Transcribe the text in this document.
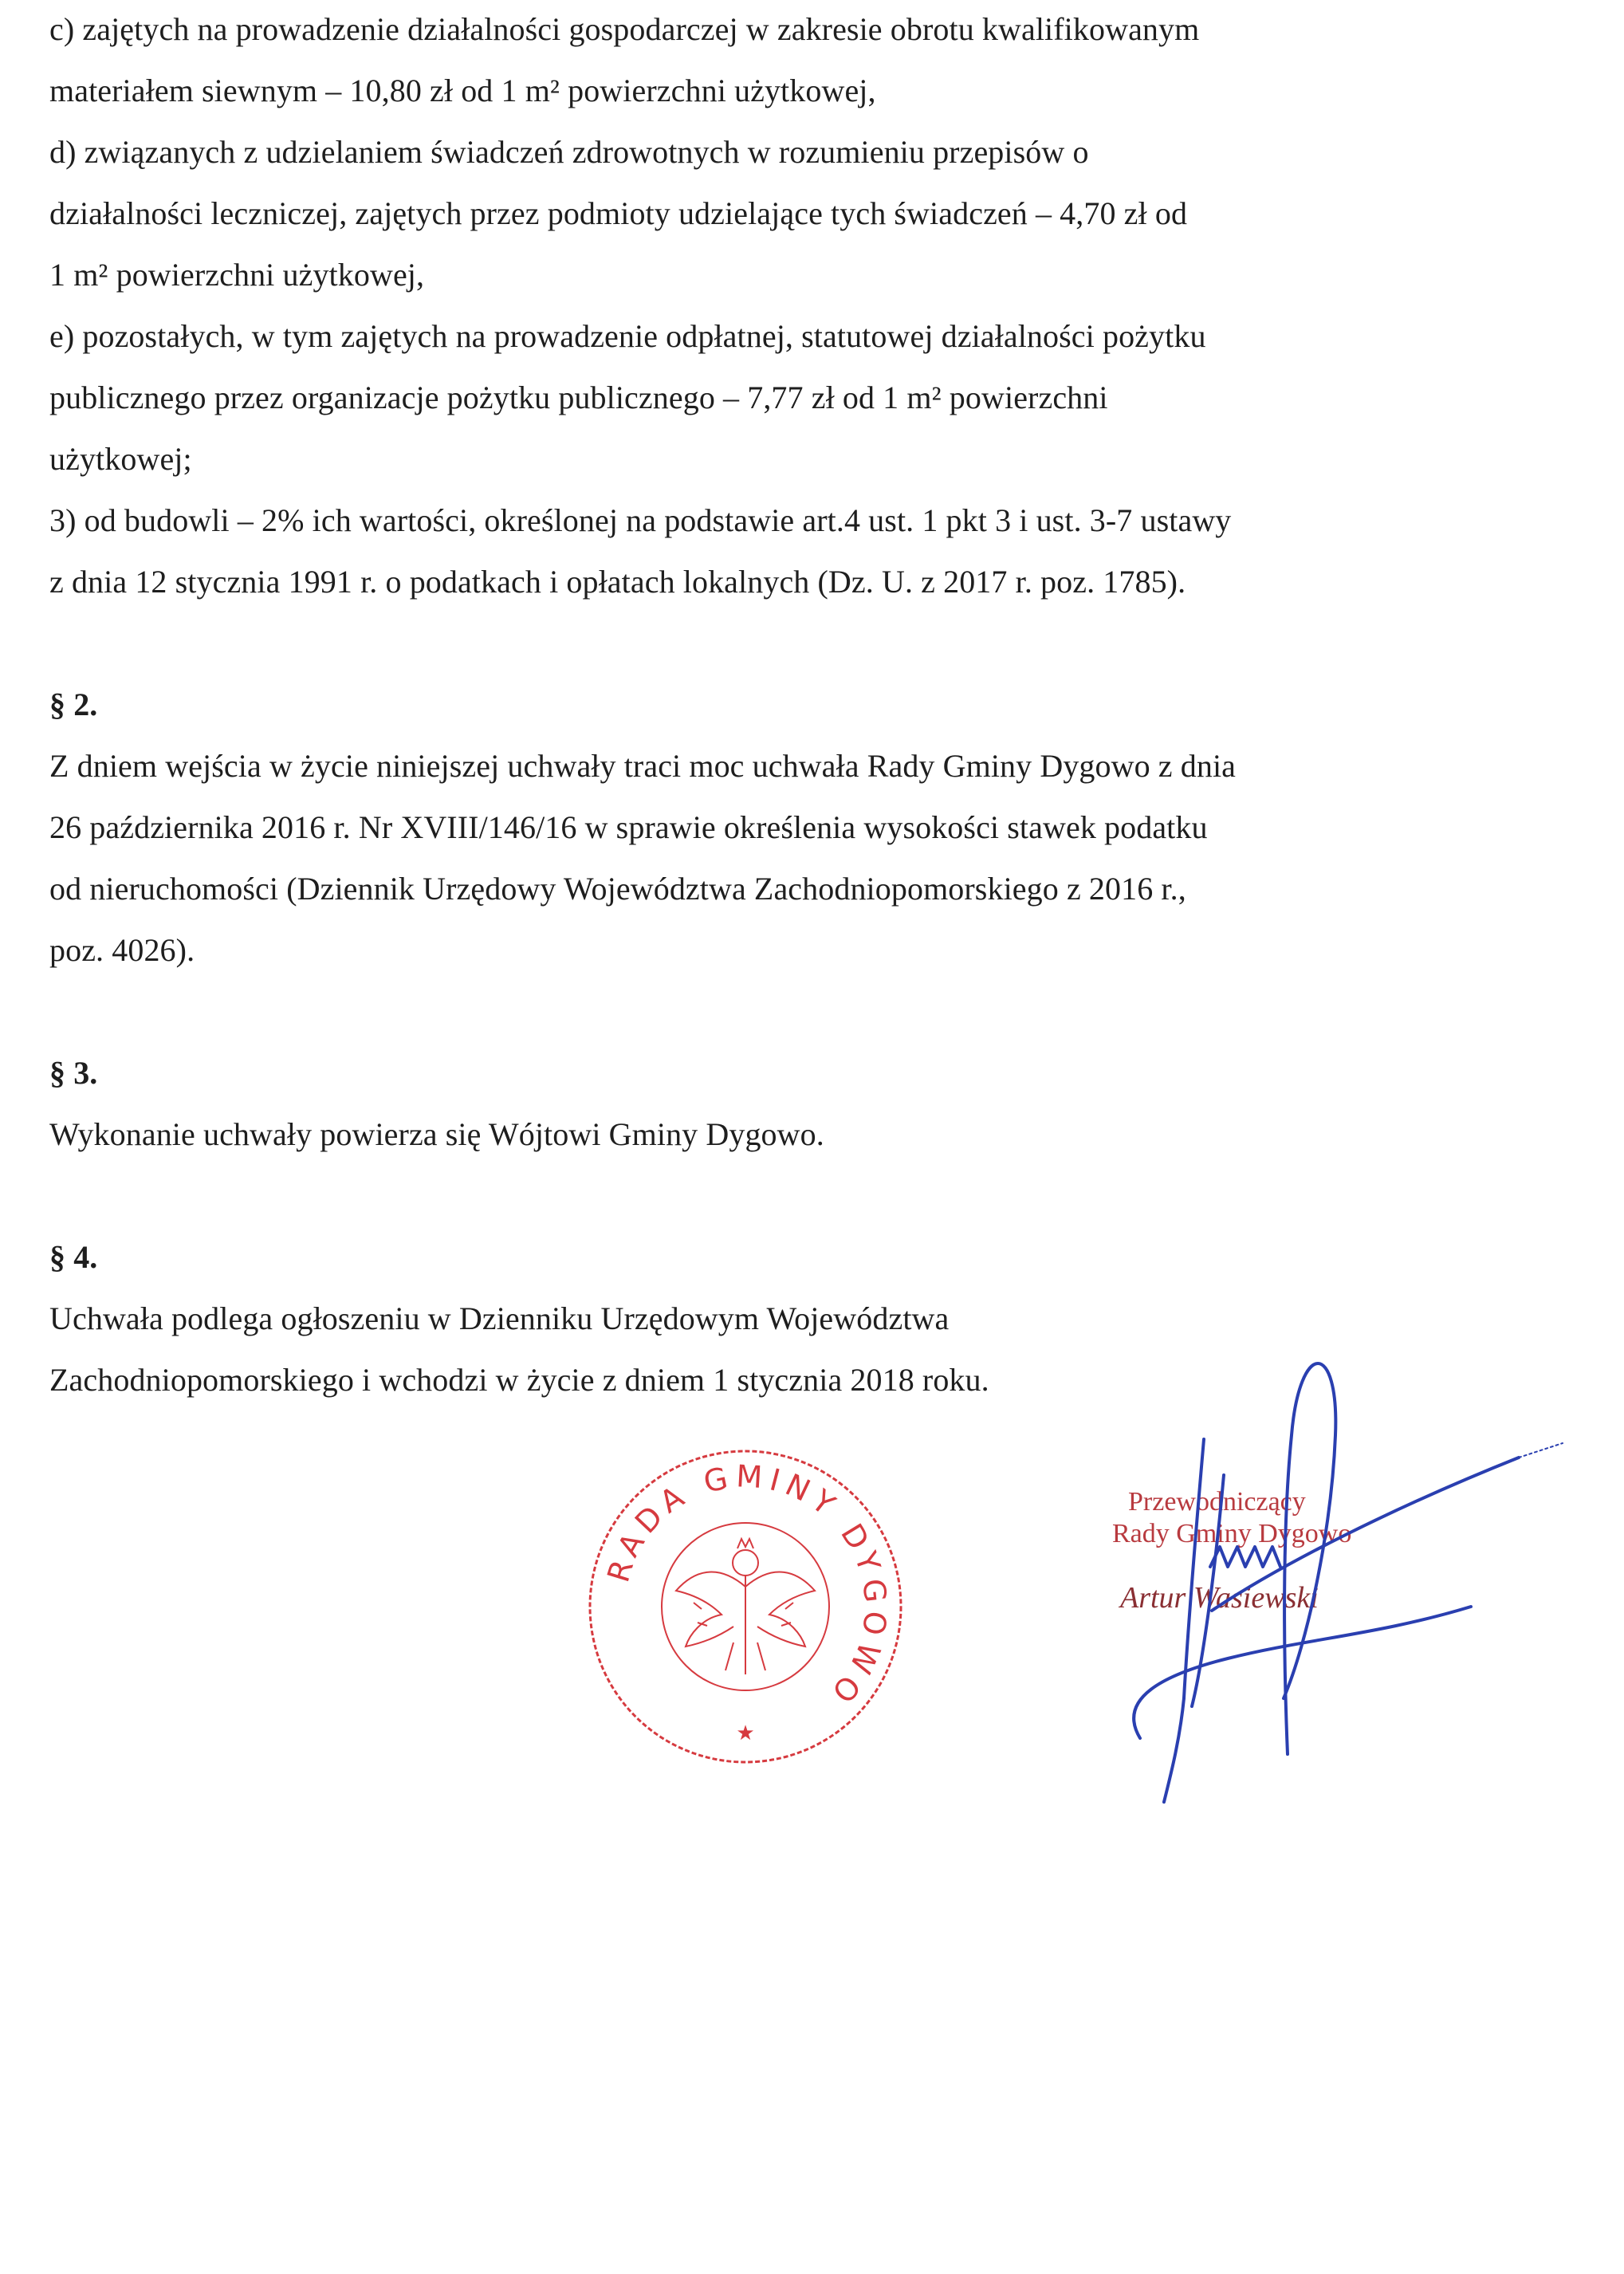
c) zajętych na prowadzenie działalności gospodarczej w zakresie obrotu kwalifikowanym
materiałem siewnym – 10,80 zł od 1 m² powierzchni użytkowej,
d) związanych z udzielaniem świadczeń zdrowotnych w rozumieniu przepisów o
działalności leczniczej, zajętych przez podmioty udzielające tych świadczeń – 4,70 zł od
1 m² powierzchni użytkowej,
e) pozostałych, w tym zajętych na prowadzenie odpłatnej, statutowej działalności pożytku
publicznego przez organizacje pożytku publicznego – 7,77 zł od 1 m² powierzchni
użytkowej;
3) od budowli – 2% ich wartości, określonej na podstawie art.4 ust. 1 pkt 3 i ust. 3-7 ustawy
z dnia 12 stycznia 1991 r. o podatkach i opłatach lokalnych (Dz. U. z 2017 r. poz. 1785).
§ 2.
Z dniem wejścia w życie niniejszej uchwały traci moc uchwała Rady Gminy Dygowo z dnia
26 października 2016 r. Nr XVIII/146/16 w sprawie określenia wysokości stawek podatku
od nieruchomości (Dziennik Urzędowy Województwa Zachodniopomorskiego z 2016 r.,
poz. 4026).
§ 3.
Wykonanie uchwały powierza się Wójtowi Gminy Dygowo.
§ 4.
Uchwała podlega ogłoszeniu w Dzienniku Urzędowym Województwa
Zachodniopomorskiego i wchodzi w życie z dniem 1 stycznia 2018 roku.
RADA GMINY DYGOWO
★
Przewodniczący
Rady Gminy Dygowo
Artur Wasiewski
